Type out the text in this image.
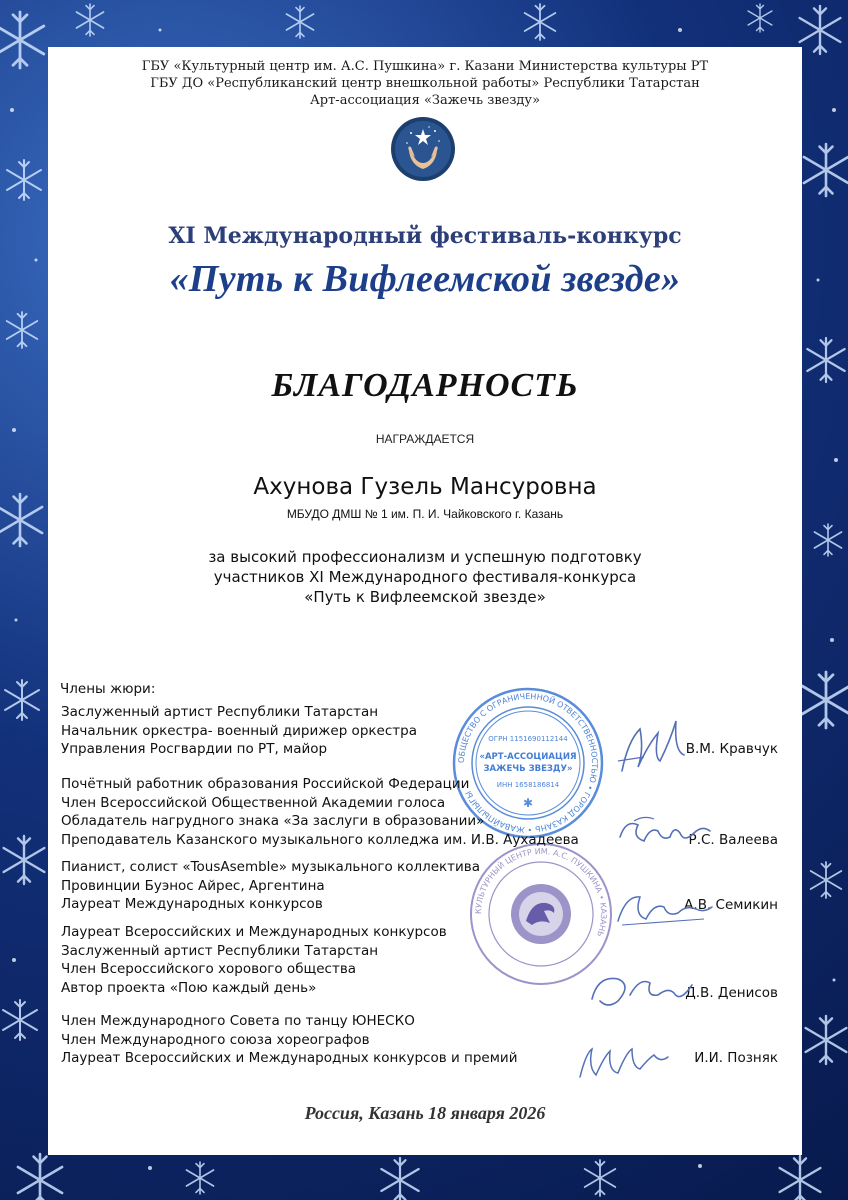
ГБУ «Культурный центр им. А.С. Пушкина» г. Казани Министерства культуры РТ
ГБУ ДО «Республиканский центр внешкольной работы» Республики Татарстан
Арт-ассоциация «Зажечь звезду»
XI Международный фестиваль-конкурс
«Путь к Вифлеемской звезде»
БЛАГОДАРНОСТЬ
НАГРАЖДАЕТСЯ
Ахунова Гузель Мансуровна
МБУДО ДМШ № 1 им. П. И. Чайковского г. Казань
за высокий профессионализм и успешную подготовку
участников XI Международного фестиваля-конкурса
«Путь к Вифлеемской звезде»
ОБЩЕСТВО С ОГРАНИЧЕННОЙ ОТВЕТСТВЕННОСТЬЮ • ГОРОД КАЗАНЬ • ЖАВАЙПЫЛЫГЫ
ОГРН 1151690112144
«АРТ-АССОЦИАЦИЯ
ЗАЖЕЧЬ ЗВЕЗДУ»
ИНН 1658186814
✱
КУЛЬТУРНЫЙ ЦЕНТР ИМ. А.С. ПУШКИНА • КАЗАНЬ
Члены жюри:
Заслуженный артист Республики Татарстан
Начальник оркестра- военный дирижер оркестра
Управления Росгвардии по РТ, майор	В.М. Кравчук
Почётный работник образования Российской Федерации
Член Всероссийской Общественной Академии голоса
Обладатель нагрудного знака «За заслуги в образовании»
Преподаватель Казанского музыкального колледжа им. И.В. Аухадеева	Р.С. Валеева
Пианист, солист «TousAsemble» музыкального коллектива
Провинции Буэнос Айрес, Аргентина
Лауреат Международных конкурсов	А.В. Семикин
Лауреат Всероссийских и Международных конкурсов
Заслуженный артист Республики Татарстан
Член Всероссийского хорового общества
Автор проекта «Пою каждый день»	Д.В. Денисов
Член Международного Совета по танцу ЮНЕСКО
Член Международного союза хореографов
Лауреат Всероссийских и Международных конкурсов и премий	И.И. Позняк
Россия, Казань 18 января 2026
